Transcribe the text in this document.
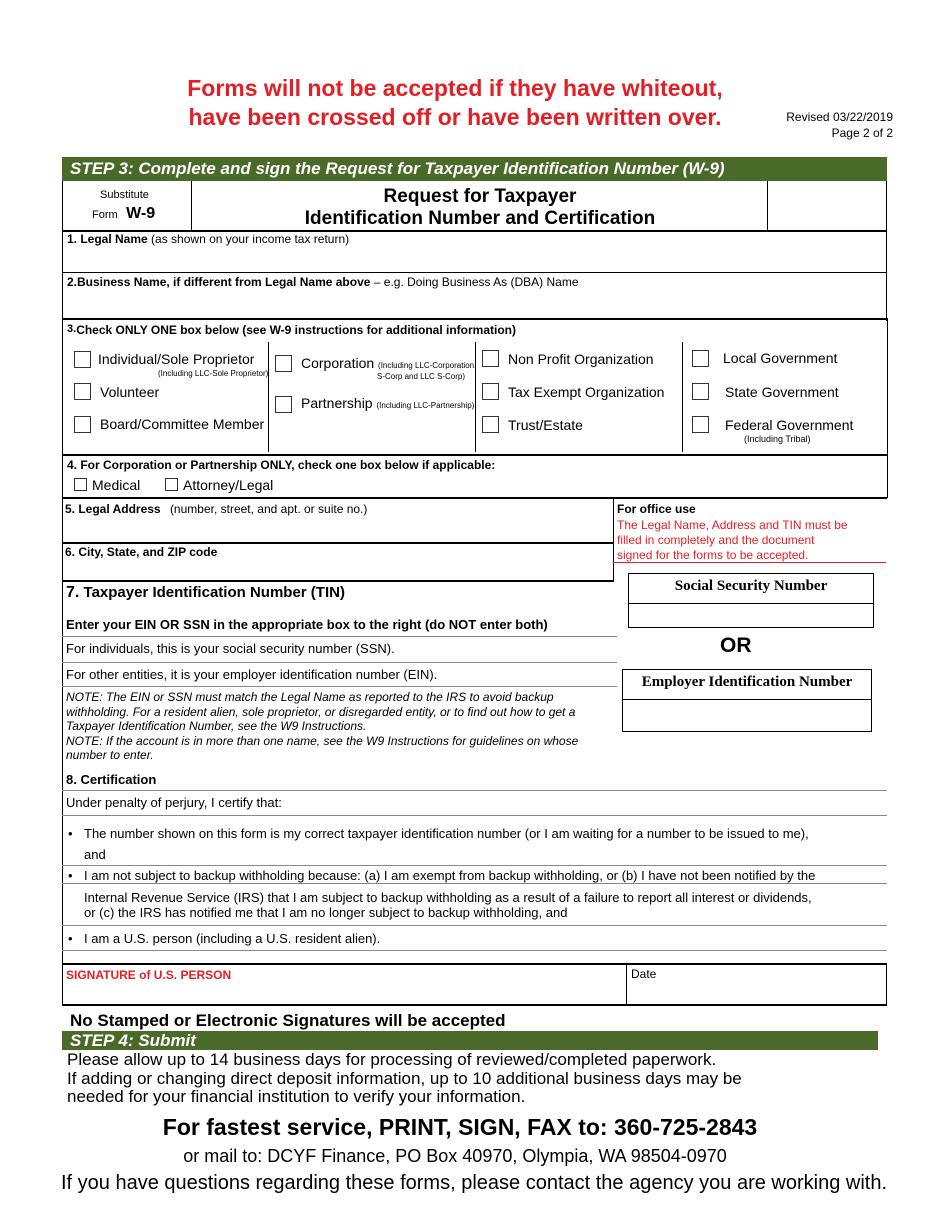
Forms will not be accepted if they have whiteout,
have been crossed off or have been written over.	Revised 03/22/2019
Page 2 of 2
STEP 3: Complete and sign the Request for Taxpayer Identification Number (W-9)
Substitute
Form W-9
Request for Taxpayer
Identification Number and Certification
1. Legal Name (as shown on your income tax return)
2.Business Name, if different from Legal Name above – e.g. Doing Business As (DBA) Name
3.Check ONLY ONE box below (see W-9 instructions for additional information)
Individual/Sole Proprietor
(Including LLC-Sole Proprietor)
Volunteer
Board/Committee Member
Corporation (Including LLC-Corporation,
S-Corp and LLC S-Corp)
Partnership (Including LLC-Partnership)
Non Profit Organization
Tax Exempt Organization
Trust/Estate
Local Government
State Government
Federal Government
(Including Tribal)
4. For Corporation or Partnership ONLY, check one box below if applicable:
Medical	Attorney/Legal
5. Legal Address (number, street, and apt. or suite no.)
6. City, State, and ZIP code
For office use
The Legal Name, Address and TIN must be
filled in completely and the document
signed for the forms to be accepted.
7. Taxpayer Identification Number (TIN)
Enter your EIN OR SSN in the appropriate box to the right (do NOT enter both)
For individuals, this is your social security number (SSN).
For other entities, it is your employer identification number (EIN).
NOTE: The EIN or SSN must match the Legal Name as reported to the IRS to avoid backup
withholding. For a resident alien, sole proprietor, or disregarded entity, or to find out how to get a
Taxpayer Identification Number, see the W9 Instructions.
NOTE: If the account is in more than one name, see the W9 Instructions for guidelines on whose
number to enter.
Social Security Number
OR
Employer Identification Number
8. Certification
Under penalty of perjury, I certify that:
• The number shown on this form is my correct taxpayer identification number (or I am waiting for a number to be issued to me),
and
• I am not subject to backup withholding because: (a) I am exempt from backup withholding, or (b) I have not been notified by the
Internal Revenue Service (IRS) that I am subject to backup withholding as a result of a failure to report all interest or dividends,
or (c) the IRS has notified me that I am no longer subject to backup withholding, and
• I am a U.S. person (including a U.S. resident alien).
SIGNATURE of U.S. PERSON	Date
No Stamped or Electronic Signatures will be accepted
STEP 4: Submit
Please allow up to 14 business days for processing of reviewed/completed paperwork.
If adding or changing direct deposit information, up to 10 additional business days may be
needed for your financial institution to verify your information.
For fastest service, PRINT, SIGN, FAX to: 360-725-2843
or mail to: DCYF Finance, PO Box 40970, Olympia, WA 98504-0970
If you have questions regarding these forms, please contact the agency you are working with.
